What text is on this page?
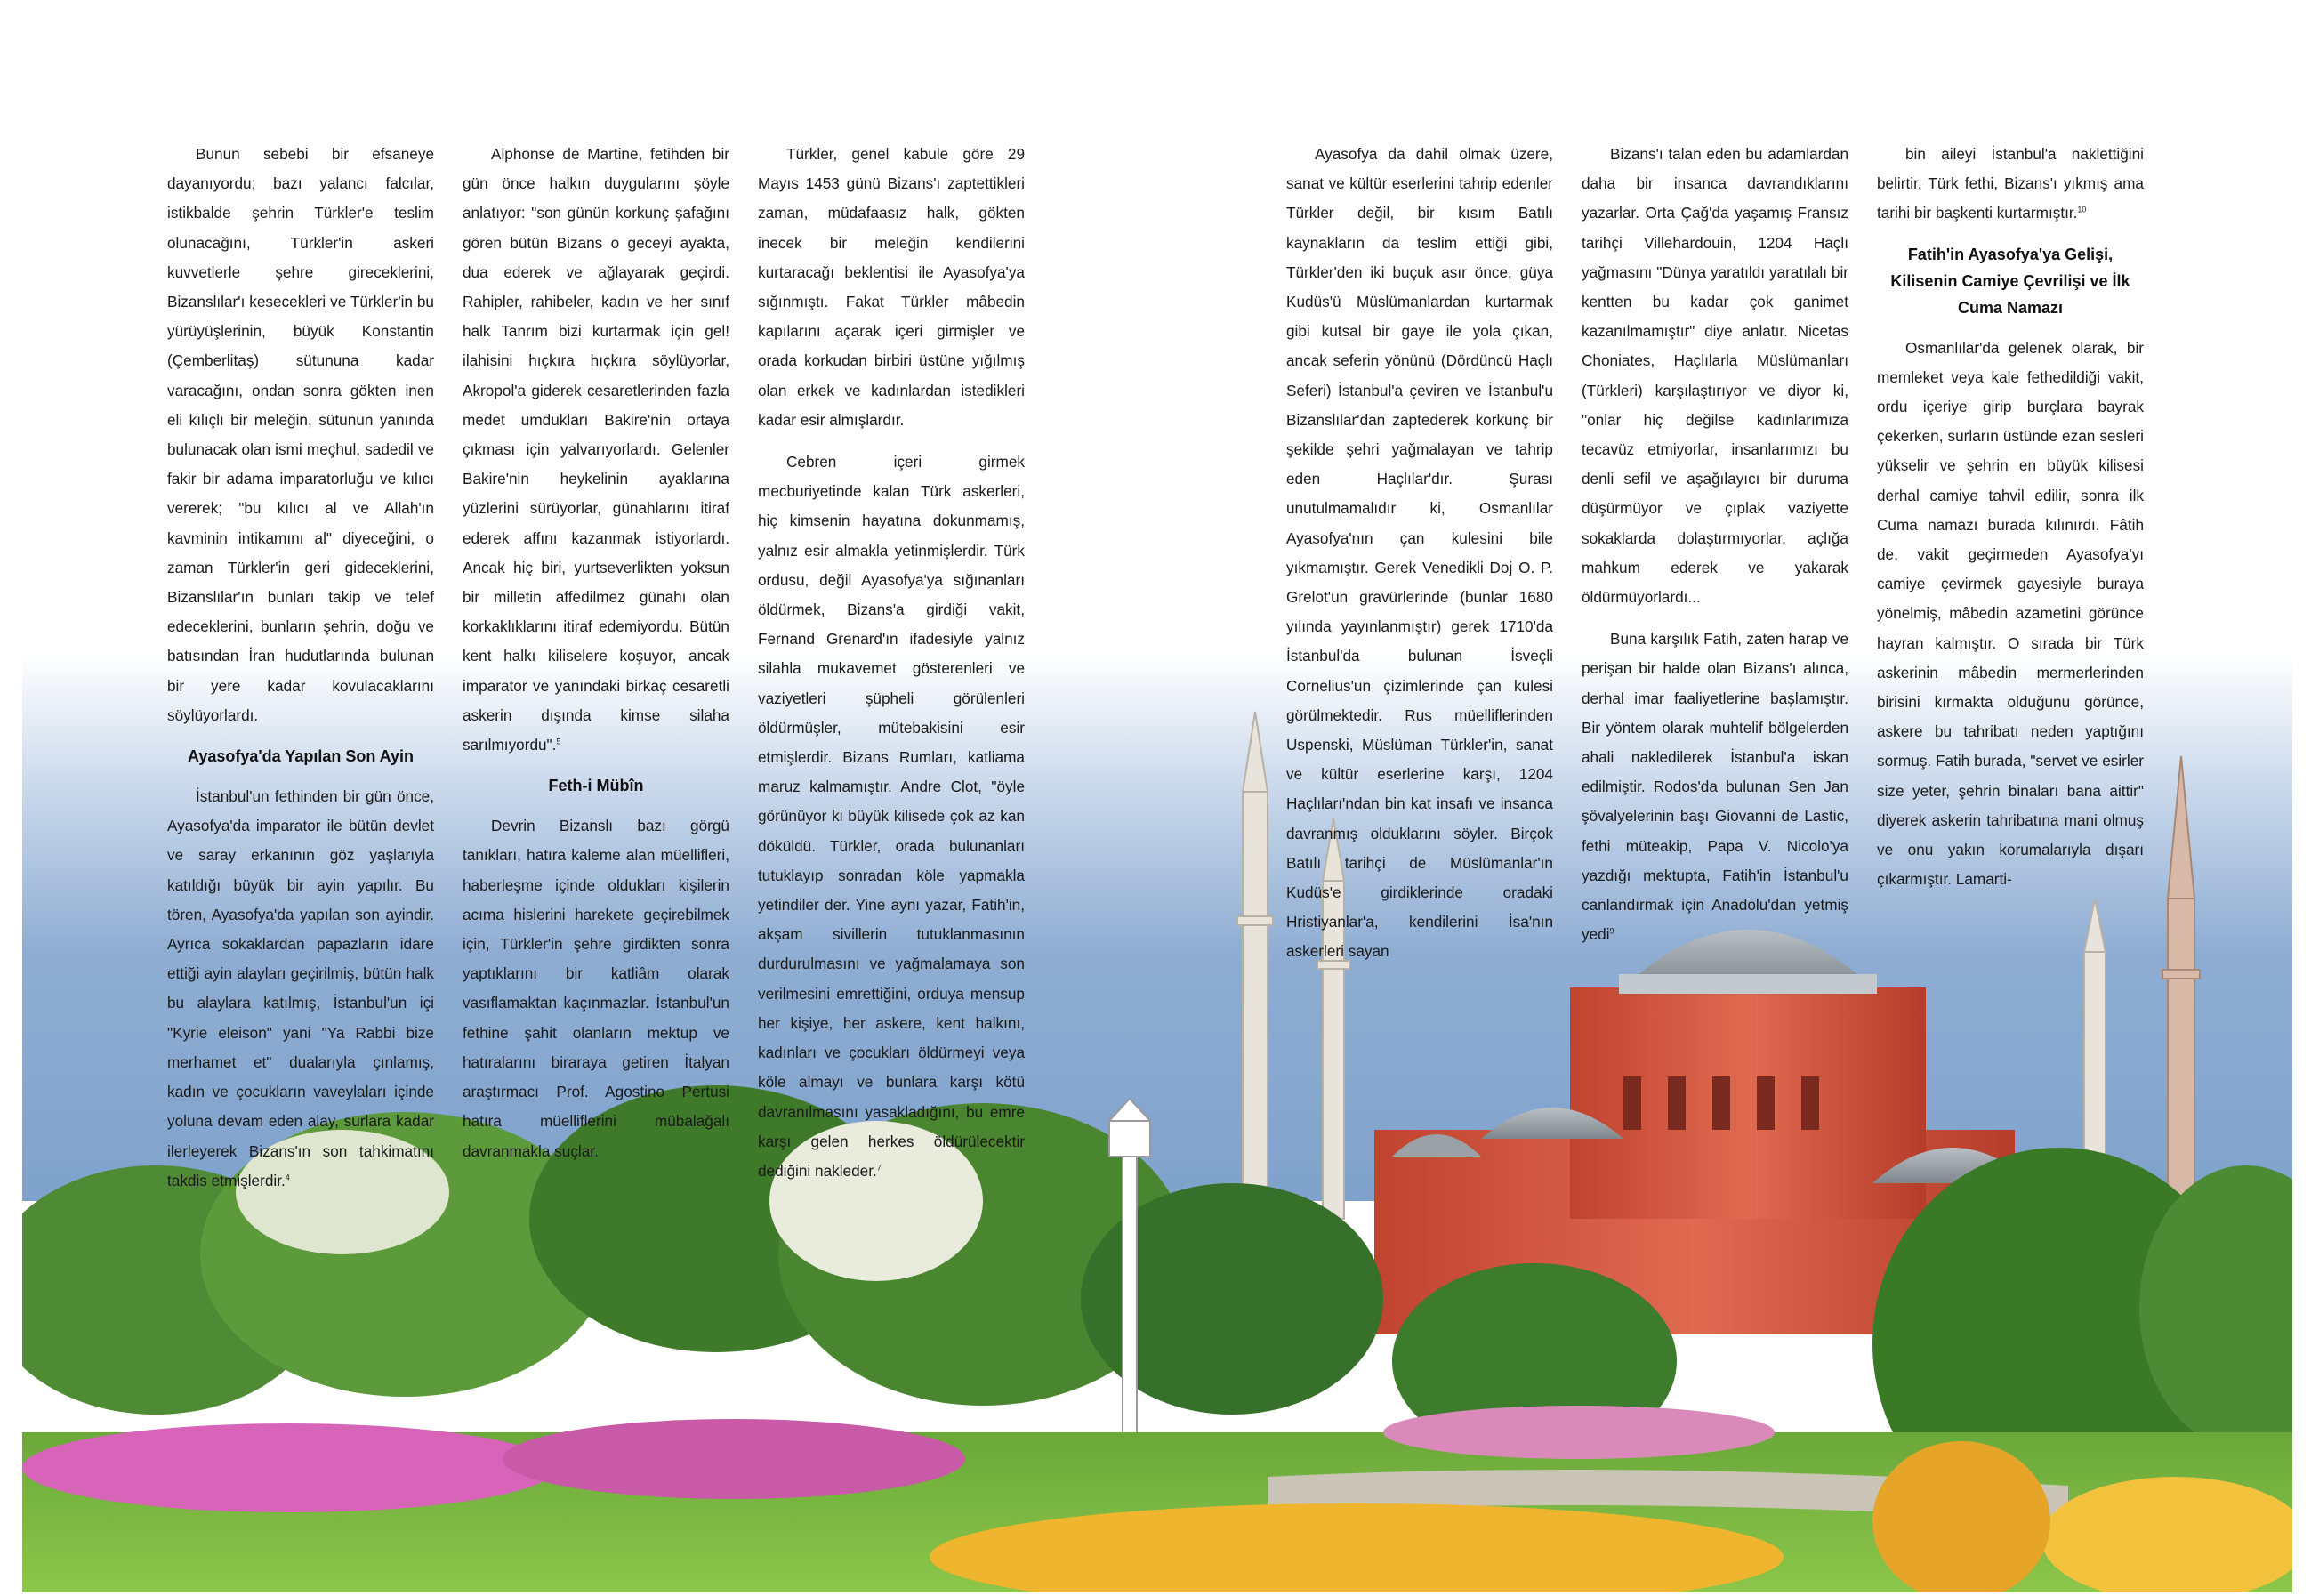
Bunun sebebi bir efsaneye dayanıyordu; bazı yalancı falcılar, istikbalde şehrin Türkler'e teslim olunacağını, Türkler'in askeri kuvvetlerle şehre gireceklerini, Bizanslılar'ı kesecekleri ve Türkler'in bu yürüyüşlerinin, büyük Konstantin (Çemberlitaş) sütununa kadar varacağını, ondan sonra gökten inen eli kılıçlı bir meleğin, sütunun yanında bulunacak olan ismi meçhul, sadedil ve fakir bir adama imparatorluğu ve kılıcı vererek; "bu kılıcı al ve Allah'ın kavminin intikamını al" diyeceğini, o zaman Türkler'in geri gideceklerini, Bizanslılar'ın bunları takip ve telef edeceklerini, bunların şehrin, doğu ve batısından İran hudutlarında bulunan bir yere kadar kovulacaklarını söylüyorlardı.

Ayasofya'da Yapılan Son Ayin

İstanbul'un fethinden bir gün önce, Ayasofya'da imparator ile bütün devlet ve saray erkanının göz yaşlarıyla katıldığı büyük bir ayin yapılır. Bu tören, Ayasofya'da yapılan son ayindir. Ayrıca sokaklardan papazların idare ettiği ayin alayları geçirilmiş, bütün halk bu alaylara katılmış, İstanbul'un içi "Kyrie eleison" yani "Ya Rabbi bize merhamet et" dualarıyla çınlamış, kadın ve çocukların vaveylaları içinde yoluna devam eden alay, surlara kadar ilerleyerek Bizans'ın son tahkimatını takdis etmişlerdir.$^4$

Alphonse de Martine, fetihden bir gün önce halkın duygularını şöyle anlatıyor: "son günün korkunç şafağını gören bütün Bizans o geceyi ayakta, dua ederek ve ağlayarak geçirdi. Rahipler, rahibeler, kadın ve her sınıf halk Tanrım bizi kurtarmak için gel! ilahisini hıçkıra hıçkıra söylüyorlar, Akropol'a giderek cesaretlerinden fazla medet umdukları Bakire'nin ortaya çıkması için yalvarıyorlardı. Gelenler Bakire'nin heykelinin ayaklarına yüzlerini sürüyorlar, günahlarını itiraf ederek affını kazanmak istiyorlardı. Ancak hiç biri, yurtseverlikten yoksun bir milletin affedilmez günahı olan korkaklıklarını itiraf edemiyordu. Bütün kent halkı kiliselere koşuyor, ancak imparator ve yanındaki birkaç cesaretli askerin dışında kimse silaha sarılmıyordu".$^5$

Feth-i Mübîn

Devrin Bizanslı bazı görgü tanıkları, hatıra kaleme alan müellifleri, haberleşme içinde oldukları kişilerin acıma hislerini harekete geçirebilmek için, Türkler'in şehre girdikten sonra yaptıklarını bir katliâm olarak vasıflamaktan kaçınmazlar. İstanbul'un fethine şahit olanların mektup ve hatıralarını biraraya getiren İtalyan araştırmacı Prof. Agostino Pertusi hatıra müelliflerini mübalağalı davranmakla suçlar.

Türkler, genel kabule göre 29 Mayıs 1453 günü Bizans'ı zaptettikleri zaman, müdafaasız halk, gökten inecek bir meleğin kendilerini kurtaracağı beklentisi ile Ayasofya'ya sığınmıştı. Fakat Türkler mâbedin kapılarını açarak içeri girmişler ve orada korkudan birbiri üstüne yığılmış olan erkek ve kadınlardan istedikleri kadar esir almışlardır.

Cebren içeri girmek mecburiyetinde kalan Türk askerleri, hiç kimsenin hayatına dokunmamış, yalnız esir almakla yetinmişlerdir. Türk ordusu, değil Ayasofya'ya sığınanları öldürmek, Bizans'a girdiği vakit, Fernand Grenard'ın ifadesiyle yalnız silahla mukavemet gösterenleri ve vaziyetleri şüpheli görülenleri öldürmüşler, mütebakisini esir etmişlerdir. Bizans Rumları, katliama maruz kalmamıştır. Andre Clot, "öyle görünüyor ki büyük kilisede çok az kan döküldü. Türkler, orada bulunanları tutuklayıp sonradan köle yapmakla yetindiler der. Yine aynı yazar, Fatih'in, akşam sivillerin tutuklanmasının durdurulmasını ve yağmalamaya son verilmesini emrettiğini, orduya mensup her kişiye, her askere, kent halkını, kadınları ve çocukları öldürmeyi veya köle almayı ve bunlara karşı kötü davranılmasını yasakladığını, bu emre karşı gelen herkes öldürülecektir dediğini nakleder.$^7$

Ayasofya da dahil olmak üzere, sanat ve kültür eserlerini tahrip edenler Türkler değil, bir kısım Batılı kaynakların da teslim ettiği gibi, Türkler'den iki buçuk asır önce, güya Kudüs'ü Müslümanlardan kurtarmak gibi kutsal bir gaye ile yola çıkan, ancak seferin yönünü (Dördüncü Haçlı Seferi) İstanbul'a çeviren ve İstanbul'u Bizanslılar'dan zaptederek korkunç bir şekilde şehri yağmalayan ve tahrip eden Haçlılar'dır. Şurası unutulmamalıdır ki, Osmanlılar Ayasofya'nın çan kulesini bile yıkmamıştır. Gerek Venedikli Doj O. P. Grelot'un gravürlerinde (bunlar 1680 yılında yayınlanmıştır) gerek 1710'da İstanbul'da bulunan İsveçli Cornelius'un çizimlerinde çan kulesi görülmektedir. Rus müelliflerinden Uspenski, Müslüman Türkler'in, sanat ve kültür eserlerine karşı, 1204 Haçlıları'ndan bin kat insafı ve insanca davranmış olduklarını söyler. Birçok Batılı tarihçi de Müslümanlar'ın Kudüs'e girdiklerinde oradaki Hristiyanlar'a, kendilerini İsa'nın askerleri sayan

Bizans'ı talan eden bu adamlardan daha bir insanca davrandıklarını yazarlar. Orta Çağ'da yaşamış Fransız tarihçi Villehardouin, 1204 Haçlı yağmasını "Dünya yaratıldı yaratılalı bir kentten bu kadar çok ganimet kazanılmamıştır" diye anlatır. Nicetas Choniates, Haçlılarla Müslümanları (Türkleri) karşılaştırıyor ve diyor ki, "onlar hiç değilse kadınlarımıza tecavüz etmiyorlar, insanlarımızı bu denli sefil ve aşağılayıcı bir duruma düşürmüyor ve çıplak vaziyette sokaklarda dolaştırmıyorlar, açlığa mahkum ederek ve yakarak öldürmüyorlardı...

Buna karşılık Fatih, zaten harap ve perişan bir halde olan Bizans'ı alınca, derhal imar faaliyetlerine başlamıştır. Bir yöntem olarak muhtelif bölgelerden ahali nakledilerek İstanbul'a iskan edilmiştir. Rodos'da bulunan Sen Jan şövalyelerinin başı Giovanni de Lastic, fethi müteakip, Papa V. Nicolo'ya yazdığı mektupta, Fatih'in İstanbul'u canlandırmak için Anadolu'dan yetmiş yedi$^9$

bin aileyi İstanbul'a naklettiğini belirtir. Türk fethi, Bizans'ı yıkmış ama tarihi bir başkenti kurtarmıştır.$^{10}$

Fatih'in Ayasofya'ya Gelişi, Kilisenin Camiye Çevrilişi ve İlk Cuma Namazı

Osmanlılar'da gelenek olarak, bir memleket veya kale fethedildiği vakit, ordu içeriye girip burçlara bayrak çekerken, surların üstünde ezan sesleri yükselir ve şehrin en büyük kilisesi derhal camiye tahvil edilir, sonra ilk Cuma namazı burada kılınırdı. Fâtih de, vakit geçirmeden Ayasofya'yı camiye çevirmek gayesiyle buraya yönelmiş, mâbedin azametini görünce hayran kalmıştır. O sırada bir Türk askerinin mâbedin mermerlerinden birisini kırmakta olduğunu görünce, askere bu tahribatı neden yaptığını sormuş. Fatih burada, "servet ve esirler size yeter, şehrin binaları bana aittir" diyerek askerin tahribatına mani olmuş ve onu yakın korumalarıyla dışarı çıkarmıştır. Lamarti-
